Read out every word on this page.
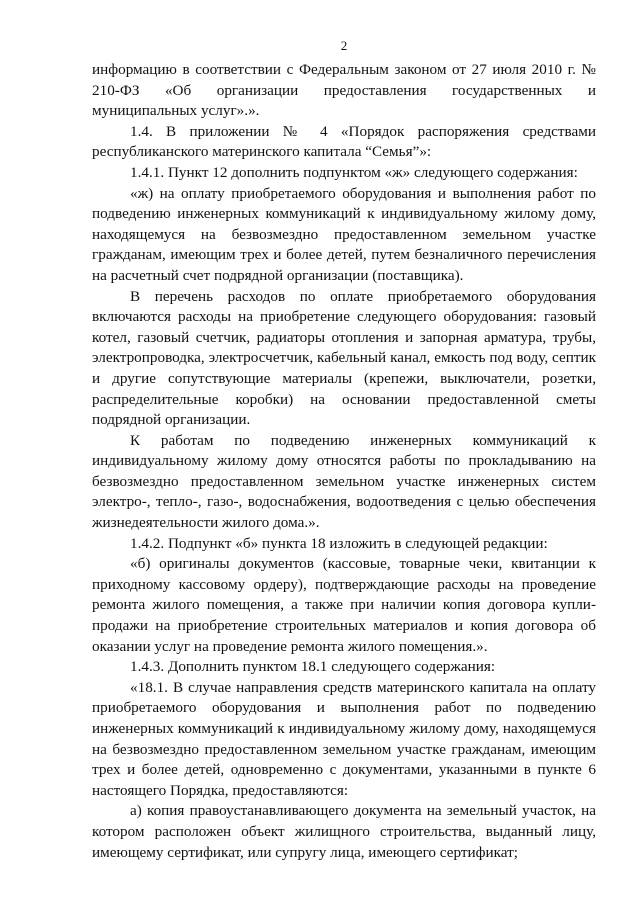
2

информацию в соответствии с Федеральным законом от 27 июля 2010 г. № 210-ФЗ «Об организации предоставления государственных и муниципальных услуг».».

1.4. В приложении № 4 «Порядок распоряжения средствами республиканского материнского капитала “Семья”»:

1.4.1. Пункт 12 дополнить подпунктом «ж» следующего содержания:

«ж) на оплату приобретаемого оборудования и выполнения работ по подведению инженерных коммуникаций к индивидуальному жилому дому, находящемуся на безвозмездно предоставленном земельном участке гражданам, имеющим трех и более детей, путем безналичного перечисления на расчетный счет подрядной организации (поставщика).

В перечень расходов по оплате приобретаемого оборудования включаются расходы на приобретение следующего оборудования: газовый котел, газовый счетчик, радиаторы отопления и запорная арматура, трубы, электропроводка, электросчетчик, кабельный канал, емкость под воду, септик и другие сопутствующие материалы (крепежи, выключатели, розетки, распределительные коробки) на основании предоставленной сметы подрядной организации.

К работам по подведению инженерных коммуникаций к индивидуальному жилому дому относятся работы по прокладыванию на безвозмездно предоставленном земельном участке инженерных систем электро-, тепло-, газо-, водоснабжения, водоотведения с целью обеспечения жизнедеятельности жилого дома.».

1.4.2. Подпункт «б» пункта 18 изложить в следующей редакции:

«б) оригиналы документов (кассовые, товарные чеки, квитанции к приходному кассовому ордеру), подтверждающие расходы на проведение ремонта жилого помещения, а также при наличии копия договора купли-продажи на приобретение строительных материалов и копия договора об оказании услуг на проведение ремонта жилого помещения.».

1.4.3. Дополнить пунктом 18.1 следующего содержания:

«18.1. В случае направления средств материнского капитала на оплату приобретаемого оборудования и выполнения работ по подведению инженерных коммуникаций к индивидуальному жилому дому, находящемуся на безвозмездно предоставленном земельном участке гражданам, имеющим трех и более детей, одновременно с документами, указанными в пункте 6 настоящего Порядка, предоставляются:

а) копия правоустанавливающего документа на земельный участок, на котором расположен объект жилищного строительства, выданный лицу, имеющему сертификат, или супругу лица, имеющего сертификат;
